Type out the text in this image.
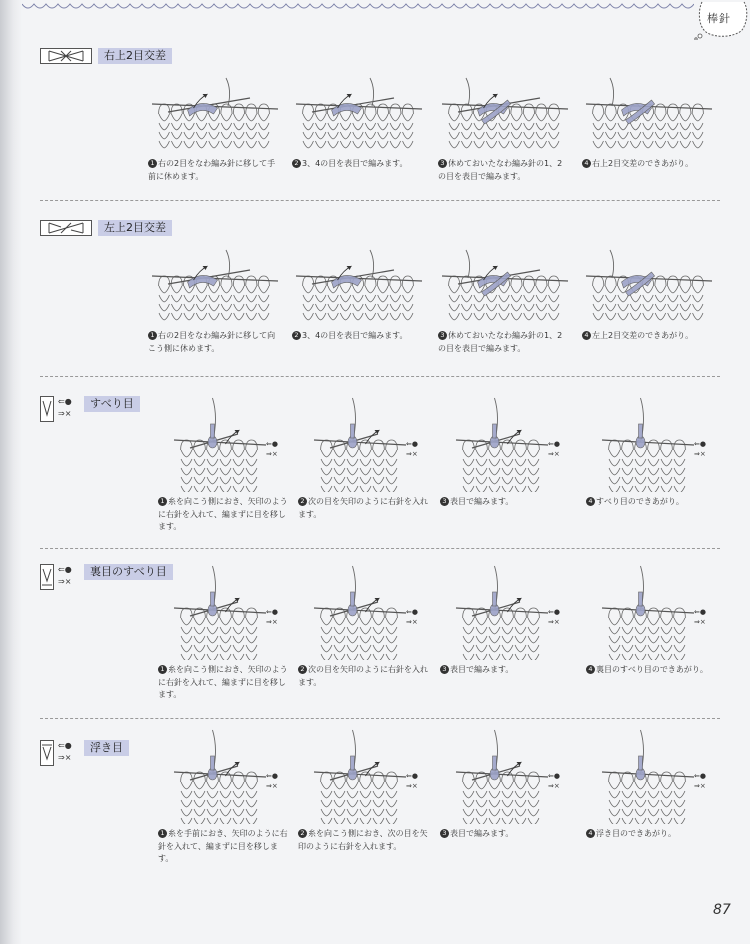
棒針
右上2目交差
1 右の2目をなわ編み針に移して手前に休めます。
2 3、4の目を表目で編みます。	3 休めておいたなわ編み針の1、2の目を表目で編みます。
4 右上2目交差のできあがり。
左上2目交差
1 右の2目をなわ編み針に移して向こう側に休めます。
2 3、4の目を表目で編みます。	3 休めておいたなわ編み針の1、2の目を表目で編みます。
4 左上2目交差のできあがり。
⇐●
⇒×
すべり目
⇐●
⇒×
1 糸を向こう側におき、矢印のように右針を入れて、編まずに目を移します。
⇐●
⇒×
2 次の目を矢印のように右針を入れます。
⇐●
⇒×
3 表目で編みます。
⇐●
⇒×
4 すべり目のできあがり。
⇐●
⇒×
裏目のすべり目
⇐●
⇒×
1 糸を向こう側におき、矢印のように右針を入れて、編まずに目を移します。
⇐●
⇒×
2 次の目を矢印のように右針を入れます。
⇐●
⇒×
3 表目で編みます。
⇐●
⇒×
4 裏目のすべり目のできあがり。
⇐●
⇒×
浮き目
⇐●
⇒×
1 糸を手前におき、矢印のように右針を入れて、編まずに目を移します。
⇐●
⇒×
2 糸を向こう側におき、次の目を矢印のように右針を入れます。
⇐●
⇒×
3 表目で編みます。
⇐●
⇒×
4 浮き目のできあがり。
87
